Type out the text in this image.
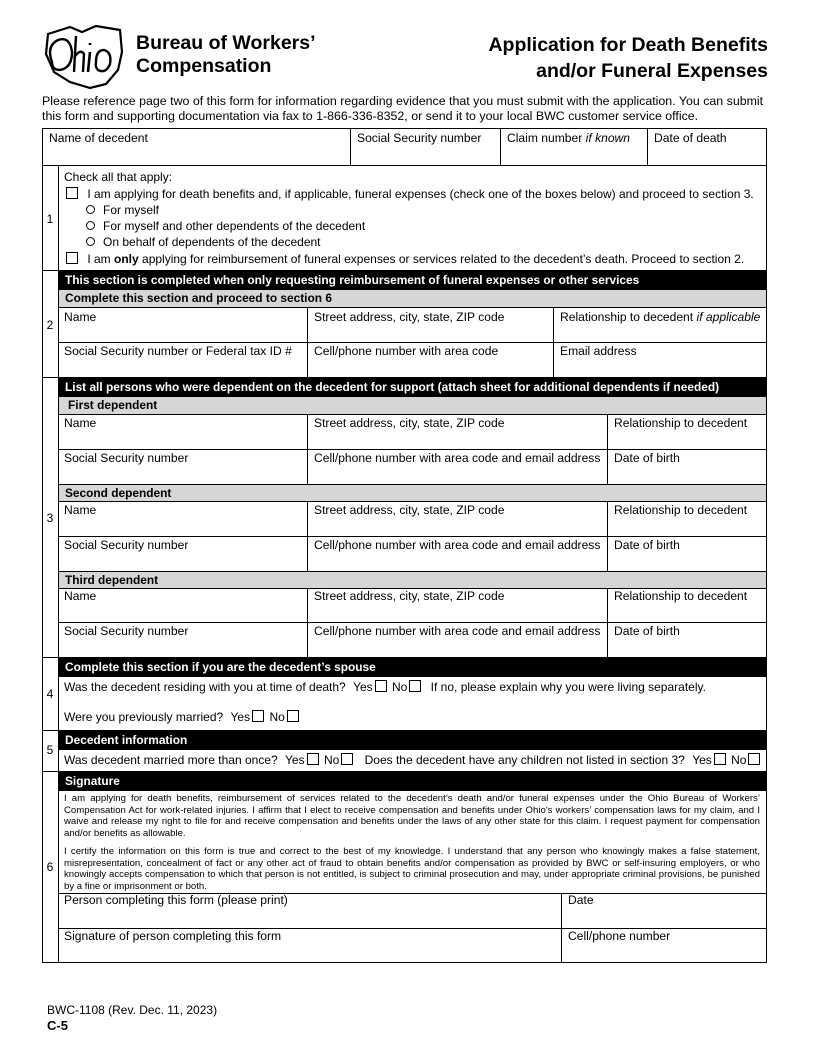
Bureau of Workers’
Compensation
Application for Death Benefits
and/or Funeral Expenses
Please reference page two of this form for information regarding evidence that you must submit with the application. You can submit this form and supporting documentation via fax to 1-866-336-8352, or send it to your local BWC customer service office.
Name of decedent	Social Security number	Claim number if known	Date of death
1
Check all that apply:
I am applying for death benefits and, if applicable, funeral expenses (check one of the boxes below) and proceed to section 3.
For myself
For myself and other dependents of the decedent
On behalf of dependents of the decedent
I am only applying for reimbursement of funeral expenses or services related to the decedent’s death. Proceed to section 2.
2
This section is completed when only requesting reimbursement of funeral expenses or other services
Complete this section and proceed to section 6
Name	Street address, city, state, ZIP code	Relationship to decedent if applicable
Social Security number or Federal tax ID #	Cell/phone number with area code	Email address
3
List all persons who were dependent on the decedent for support (attach sheet for additional dependents if needed)
First dependent
Name	Street address, city, state, ZIP code	Relationship to decedent
Social Security number	Cell/phone number with area code and email address	Date of birth
Second dependent
Name	Street address, city, state, ZIP code	Relationship to decedent
Social Security number	Cell/phone number with area code and email address	Date of birth
Third dependent
Name	Street address, city, state, ZIP code	Relationship to decedent
Social Security number	Cell/phone number with area code and email address	Date of birth
4
Complete this section if you are the decedent’s spouse
Was the decedent residing with you at time of death? Yes No If no, please explain why you were living separately.
Were you previously married? Yes No
5
Decedent information
Was decedent married more than once? Yes No Does the decedent have any children not listed in section 3? Yes No
6
Signature
I am applying for death benefits, reimbursement of services related to the decedent’s death and/or funeral expenses under the Ohio Bureau of Workers’ Compensation Act for work-related injuries. I affirm that I elect to receive compensation and benefits under Ohio's workers’ compensation laws for my claim, and I waive and release my right to file for and receive compensation and benefits under the laws of any other state for this claim. I request payment for compensation and/or benefits as allowable.
I certify the information on this form is true and correct to the best of my knowledge. I understand that any person who knowingly makes a false statement, misrepresentation, concealment of fact or any other act of fraud to obtain benefits and/or compensation as provided by BWC or self-insuring employers, or who knowingly accepts compensation to which that person is not entitled, is subject to criminal prosecution and may, under appropriate criminal provisions, be punished by a fine or imprisonment or both.
Person completing this form (please print)	Date
Signature of person completing this form	Cell/phone number
BWC-1108 (Rev. Dec. 11, 2023)
C-5
